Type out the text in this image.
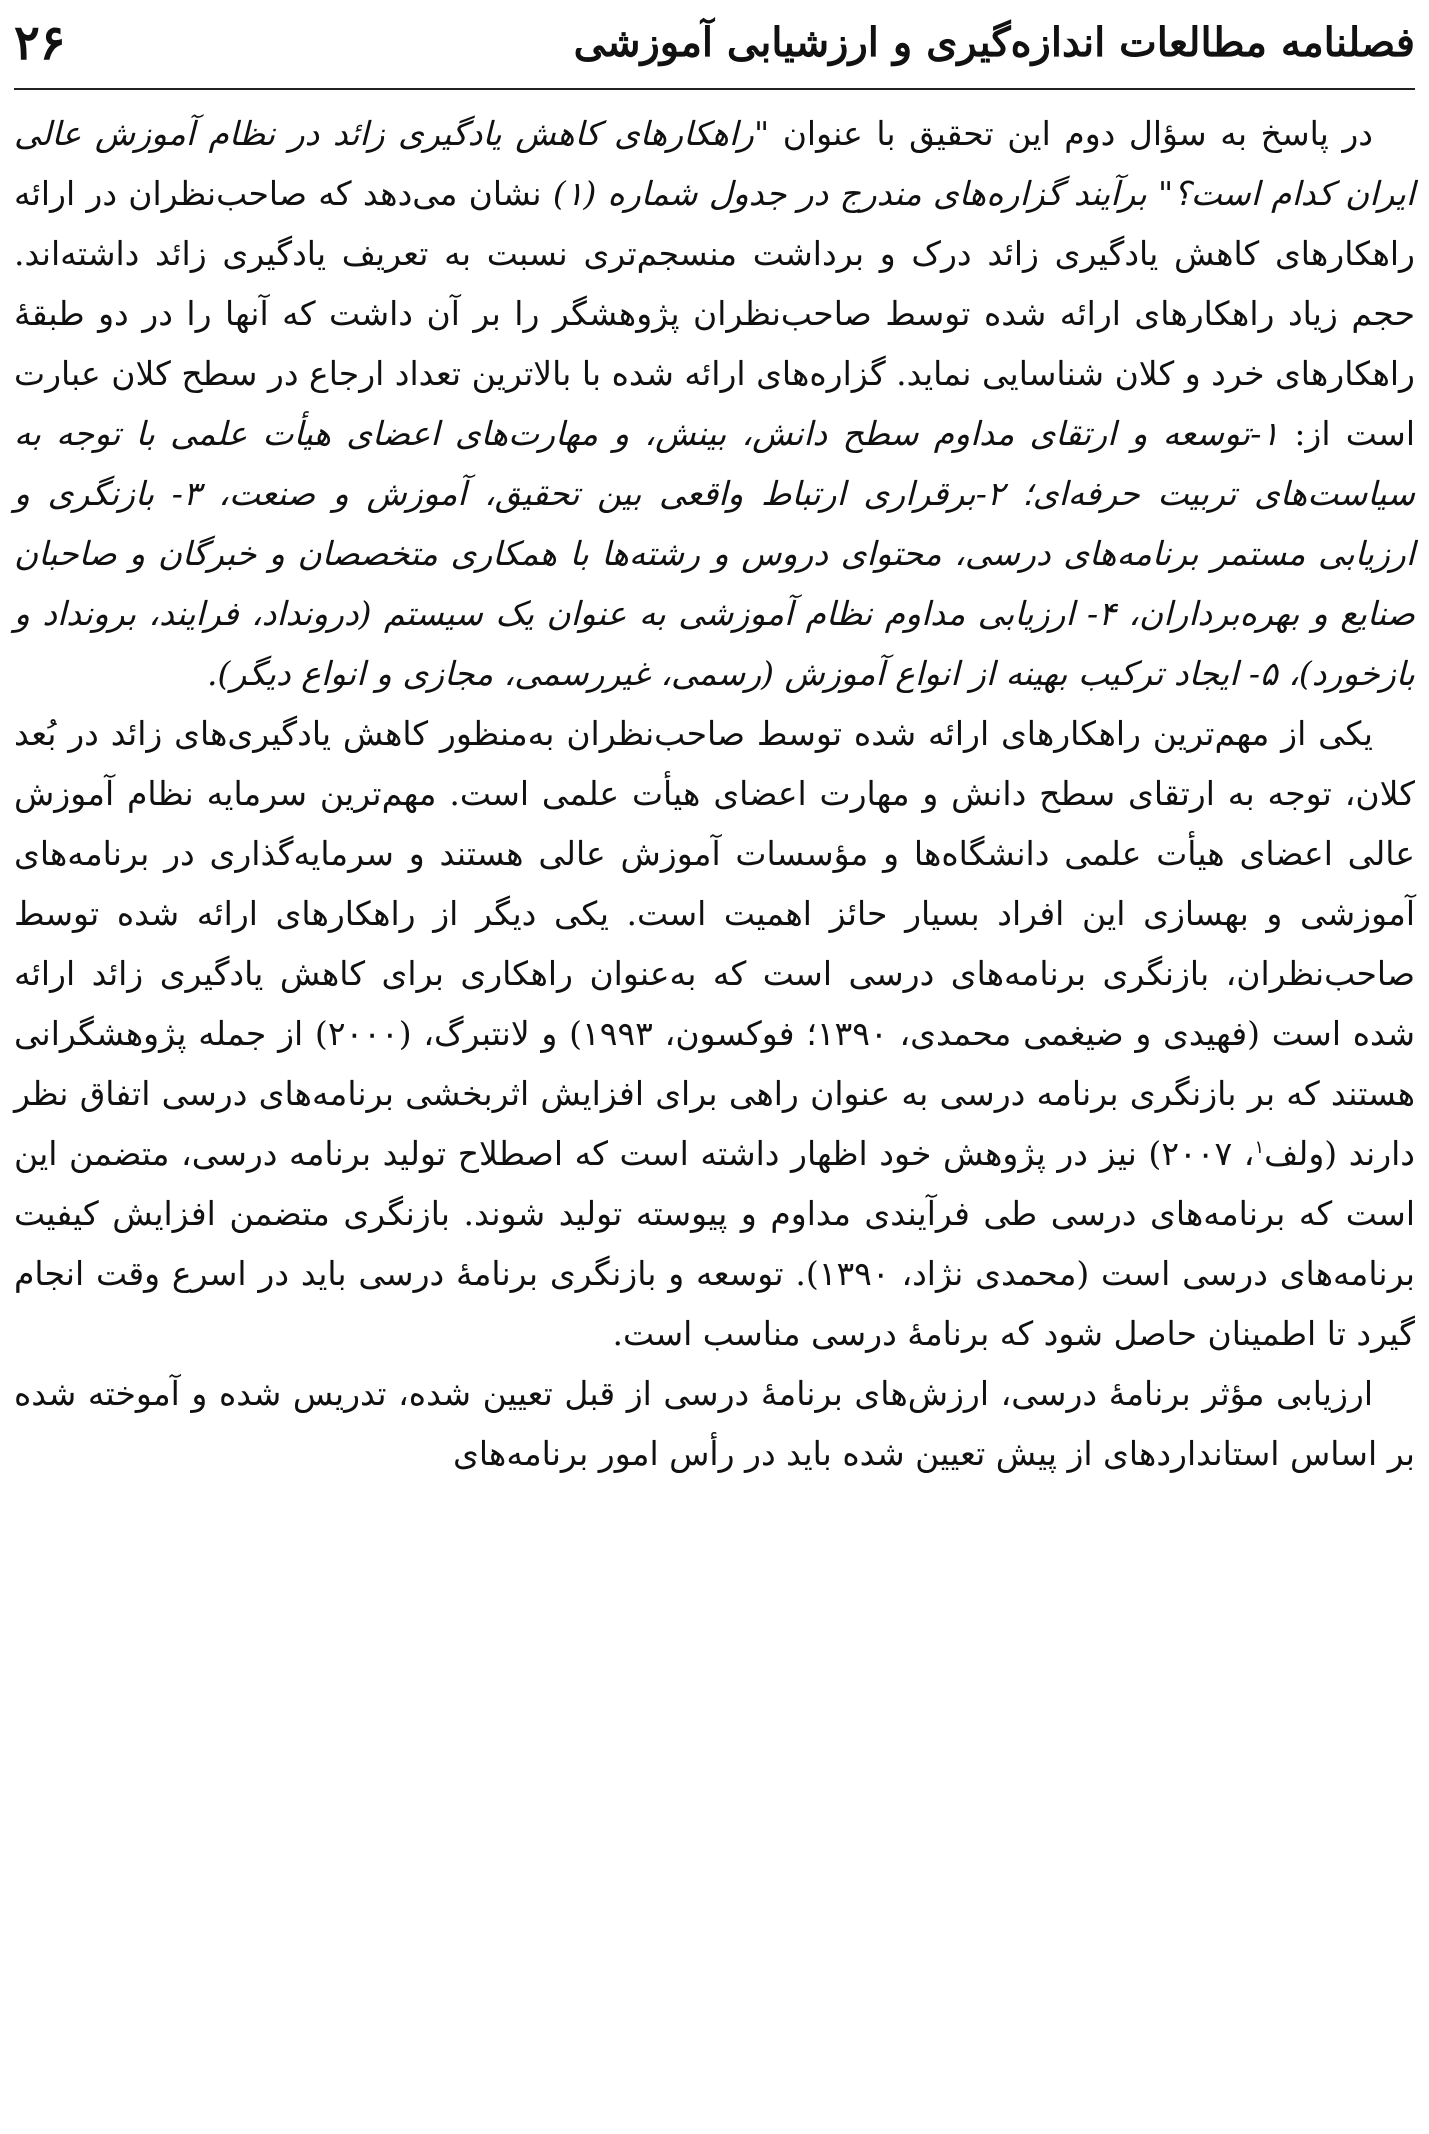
فصلنامه مطالعات اندازه‌گیری و ارزشیابی آموزشی
۲۶

در پاسخ به سؤال دوم این تحقیق با عنوان "راهکارهای کاهش یادگیری زائد در نظام آموزش عالی ایران کدام است؟" برآیند گزاره‌های مندرج در جدول شماره (۱) نشان می‌دهد که صاحب‌نظران در ارائه راهکارهای کاهش یادگیری زائد درک و برداشت منسجم‌تری نسبت به تعریف یادگیری زائد داشته‌اند. حجم زیاد راهکارهای ارائه شده توسط صاحب‌نظران پژوهشگر را بر آن داشت که آنها را در دو طبقهٔ راهکارهای خرد و کلان شناسایی نماید. گزاره‌های ارائه شده با بالاترین تعداد ارجاع در سطح کلان عبارت است از: ۱-توسعه و ارتقای مداوم سطح دانش، بینش، و مهارت‌های اعضای هیأت علمی با توجه به سیاست‌های تربیت حرفه‌ای؛ ۲-برقراری ارتباط واقعی بین تحقیق، آموزش و صنعت، ۳- بازنگری و ارزیابی مستمر برنامه‌های درسی، محتوای دروس و رشته‌ها با همکاری متخصصان و خبرگان و صاحبان صنایع و بهره‌برداران، ۴- ارزیابی مداوم نظام آموزشی به عنوان یک سیستم (درونداد، فرایند، برونداد و بازخورد)، ۵- ایجاد ترکیب بهینه از انواع آموزش (رسمی، غیررسمی، مجازی و انواع دیگر).

یکی از مهم‌ترین راهکارهای ارائه شده توسط صاحب‌نظران به‌منظور کاهش یادگیری‌های زائد در بُعد کلان، توجه به ارتقای سطح دانش و مهارت اعضای هیأت علمی است. مهم‌ترین سرمایه نظام آموزش عالی اعضای هیأت علمی دانشگاه‌ها و مؤسسات آموزش عالی هستند و سرمایه‌گذاری در برنامه‌های آموزشی و بهسازی این افراد بسیار حائز اهمیت است. یکی دیگر از راهکارهای ارائه شده توسط صاحب‌نظران، بازنگری برنامه‌های درسی است که به‌عنوان راهکاری برای کاهش یادگیری زائد ارائه شده است (فهیدی و ضیغمی محمدی، ۱۳۹۰؛ فوکسون، ۱۹۹۳) و لانتبرگ، (۲۰۰۰) از جمله پژوهشگرانی هستند که بر بازنگری برنامه درسی به عنوان راهی برای افزایش اثربخشی برنامه‌های درسی اتفاق نظر دارند (ولف$^۱$، ۲۰۰۷) نیز در پژوهش خود اظهار داشته است که اصطلاح تولید برنامه درسی، متضمن این است که برنامه‌های درسی طی فرآیندی مداوم و پیوسته تولید شوند. بازنگری متضمن افزایش کیفیت برنامه‌های درسی است (محمدی نژاد، ۱۳۹۰). توسعه و بازنگری برنامهٔ درسی باید در اسرع وقت انجام گیرد تا اطمینان حاصل شود که برنامهٔ درسی مناسب است.

ارزیابی مؤثر برنامهٔ درسی، ارزش‌های برنامهٔ درسی از قبل تعیین شده، تدریس شده و آموخته شده بر اساس استانداردهای از پیش تعیین شده باید در رأس امور برنامه‌های
